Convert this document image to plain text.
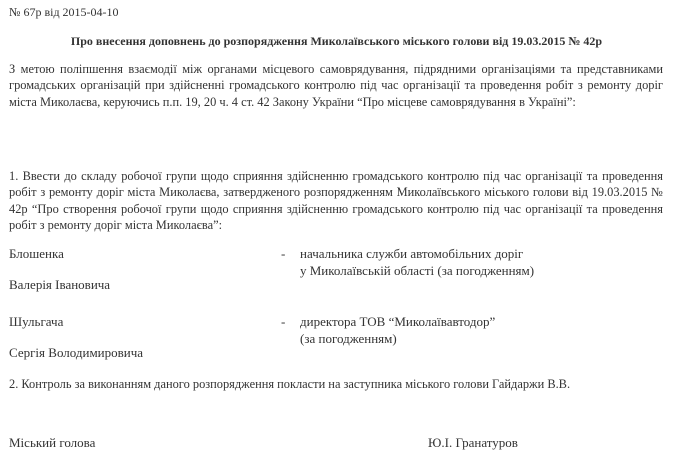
№ 67р від 2015-04-10
Про внесення доповнень до розпорядження Миколаївського міського голови від 19.03.2015 № 42р
З метою поліпшення взаємодії між органами місцевого самоврядування, підрядними організаціями та представниками громадських організацій при здійсненні громадського контролю під час організації та проведення робіт з ремонту доріг міста Миколаєва, керуючись п.п. 19, 20 ч. 4 ст. 42 Закону України “Про місцеве самоврядування в Україні”:
1. Ввести до складу робочої групи щодо сприяння здійсненню громадського контролю під час організації та проведення робіт з ремонту доріг міста Миколаєва, затвердженого розпорядженням Миколаївського міського голови від 19.03.2015 № 42р “Про створення робочої групи щодо сприяння здійсненню громадського контролю під час організації та проведення робіт з ремонту доріг міста Миколаєва”:
Блошенка	- начальника служби автомобільних доріг
у Миколаївській області (за погодженням)
Валерія Івановича
Шульгача	- директора ТОВ “Миколаївавтодор”
(за погодженням)
Сергія Володимировича
2. Контроль за виконанням даного розпорядження покласти на заступника міського голови Гайдаржи В.В.
Міський голова	Ю.І. Гранатуров
